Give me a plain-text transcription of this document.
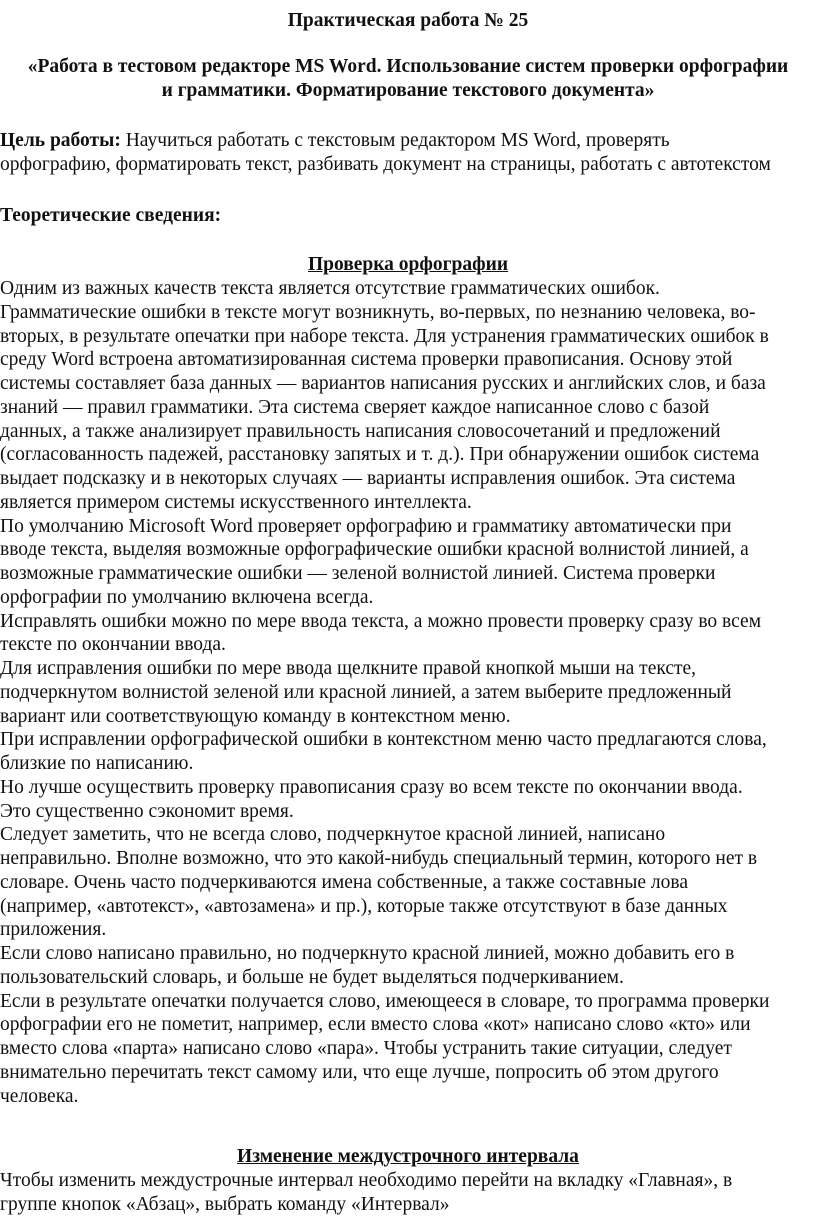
Практическая работа № 25
«Работа в тестовом редакторе MS Word. Использование систем проверки орфографии
и грамматики. Форматирование текстового документа»
Цель работы: Научиться работать с текстовым редактором MS Word, проверять
орфографию, форматировать текст, разбивать документ на страницы, работать с автотекстом
Теоретические сведения:
Проверка орфографии
Одним из важных качеств текста является отсутствие грамматических ошибок.
Грамматические ошибки в тексте могут возникнуть, во-первых, по незнанию человека, во-
вторых, в результате опечатки при наборе текста. Для устранения грамматических ошибок в
среду Word встроена автоматизированная система проверки правописания. Основу этой
системы составляет база данных — вариантов написания русских и английских слов, и база
знаний — правил грамматики. Эта система сверяет каждое написанное слово с базой
данных, а также анализирует правильность написания словосочетаний и предложений
(согласованность падежей, расстановку запятых и т. д.). При обнаружении ошибок система
выдает подсказку и в некоторых случаях — варианты исправления ошибок. Эта система
является примером системы искусственного интеллекта.
По умолчанию Microsoft Word проверяет орфографию и грамматику автоматически при
вводе текста, выделяя возможные орфографические ошибки красной волнистой линией, а
возможные грамматические ошибки — зеленой волнистой линией. Система проверки
орфографии по умолчанию включена всегда.
Исправлять ошибки можно по мере ввода текста, а можно провести проверку сразу во всем
тексте по окончании ввода.
Для исправления ошибки по мере ввода щелкните правой кнопкой мыши на тексте,
подчеркнутом волнистой зеленой или красной линией, а затем выберите предложенный
вариант или соответствующую команду в контекстном меню.
При исправлении орфографической ошибки в контекстном меню часто предлагаются слова,
близкие по написанию.
Но лучше осуществить проверку правописания сразу во всем тексте по окончании ввода.
Это существенно сэкономит время.
Следует заметить, что не всегда слово, подчеркнутое красной линией, написано
неправильно. Вполне возможно, что это какой-нибудь специальный термин, которого нет в
словаре. Очень часто подчеркиваются имена собственные, а также составные лова
(например, «автотекст», «автозамена» и пр.), которые также отсутствуют в базе данных
приложения.
Если слово написано правильно, но подчеркнуто красной линией, можно добавить его в
пользовательский словарь, и больше не будет выделяться подчеркиванием.
Если в результате опечатки получается слово, имеющееся в словаре, то программа проверки
орфографии его не пометит, например, если вместо слова «кот» написано слово «кто» или
вместо слова «парта» написано слово «пара». Чтобы устранить такие ситуации, следует
внимательно перечитать текст самому или, что еще лучше, попросить об этом другого
человека.
Изменение междустрочного интервала
Чтобы изменить междустрочные интервал необходимо перейти на вкладку «Главная», в
группе кнопок «Абзац», выбрать команду «Интервал»
